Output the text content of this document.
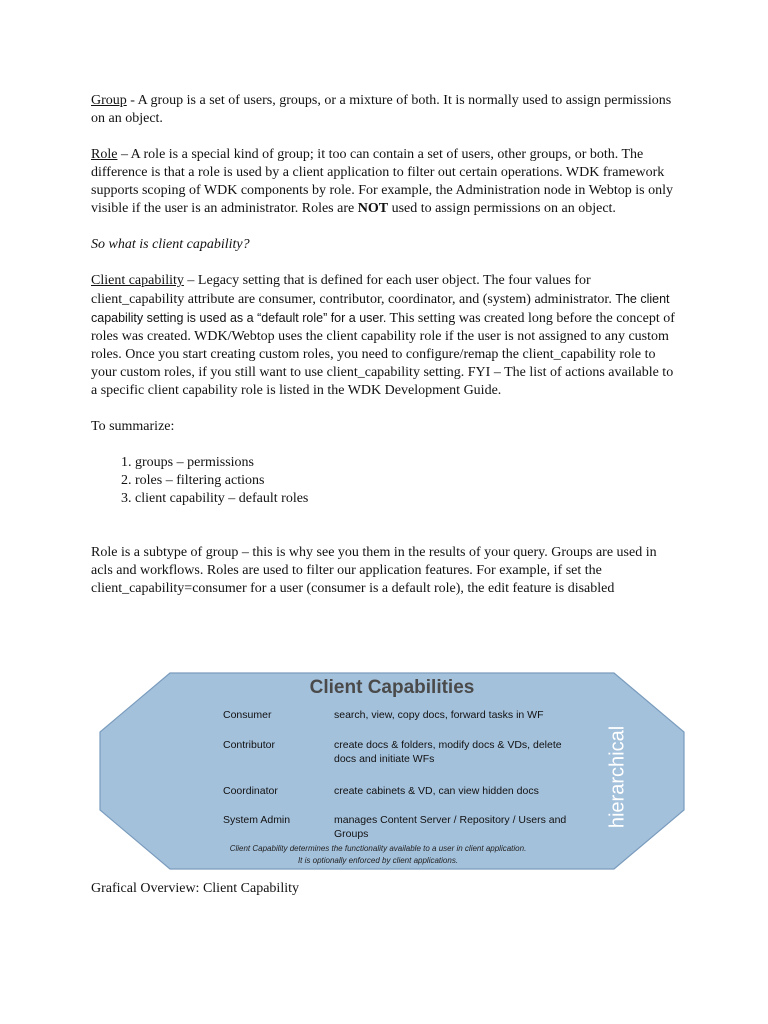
Group - A group is a set of users, groups, or a mixture of both. It is normally used to assign permissions on an object.

Role – A role is a special kind of group; it too can contain a set of users, other groups, or both. The difference is that a role is used by a client application to filter out certain operations. WDK framework supports scoping of WDK components by role. For example, the Administration node in Webtop is only visible if the user is an administrator. Roles are NOT used to assign permissions on an object.

So what is client capability?

Client capability – Legacy setting that is defined for each user object. The four values for client_capability attribute are consumer, contributor, coordinator, and (system) administrator. The client capability setting is used as a “default role” for a user. This setting was created long before the concept of roles was created. WDK/Webtop uses the client capability role if the user is not assigned to any custom roles. Once you start creating custom roles, you need to configure/remap the client_capability role to your custom roles, if you still want to use client_capability setting. FYI – The list of actions available to a specific client capability role is listed in the WDK Development Guide.

To summarize:

1. groups – permissions
2. roles – filtering actions
3. client capability – default roles

Role is a subtype of group – this is why see you them in the results of your query. Groups are used in acls and workflows. Roles are used to filter our application features. For example, if set the client_capability=consumer for a user (consumer is a default role), the edit feature is disabled

Client Capabilities
Consumer	search, view, copy docs, forward tasks in WF
Contributor	create docs & folders, modify docs & VDs, delete docs and initiate WFs
Coordinator	create cabinets & VD, can view hidden docs
System Admin	manages Content Server / Repository / Users and Groups
hierarchical
Client Capability determines the functionality available to a user in client application. It is optionally enforced by client applications.
Grafical Overview: Client Capability
